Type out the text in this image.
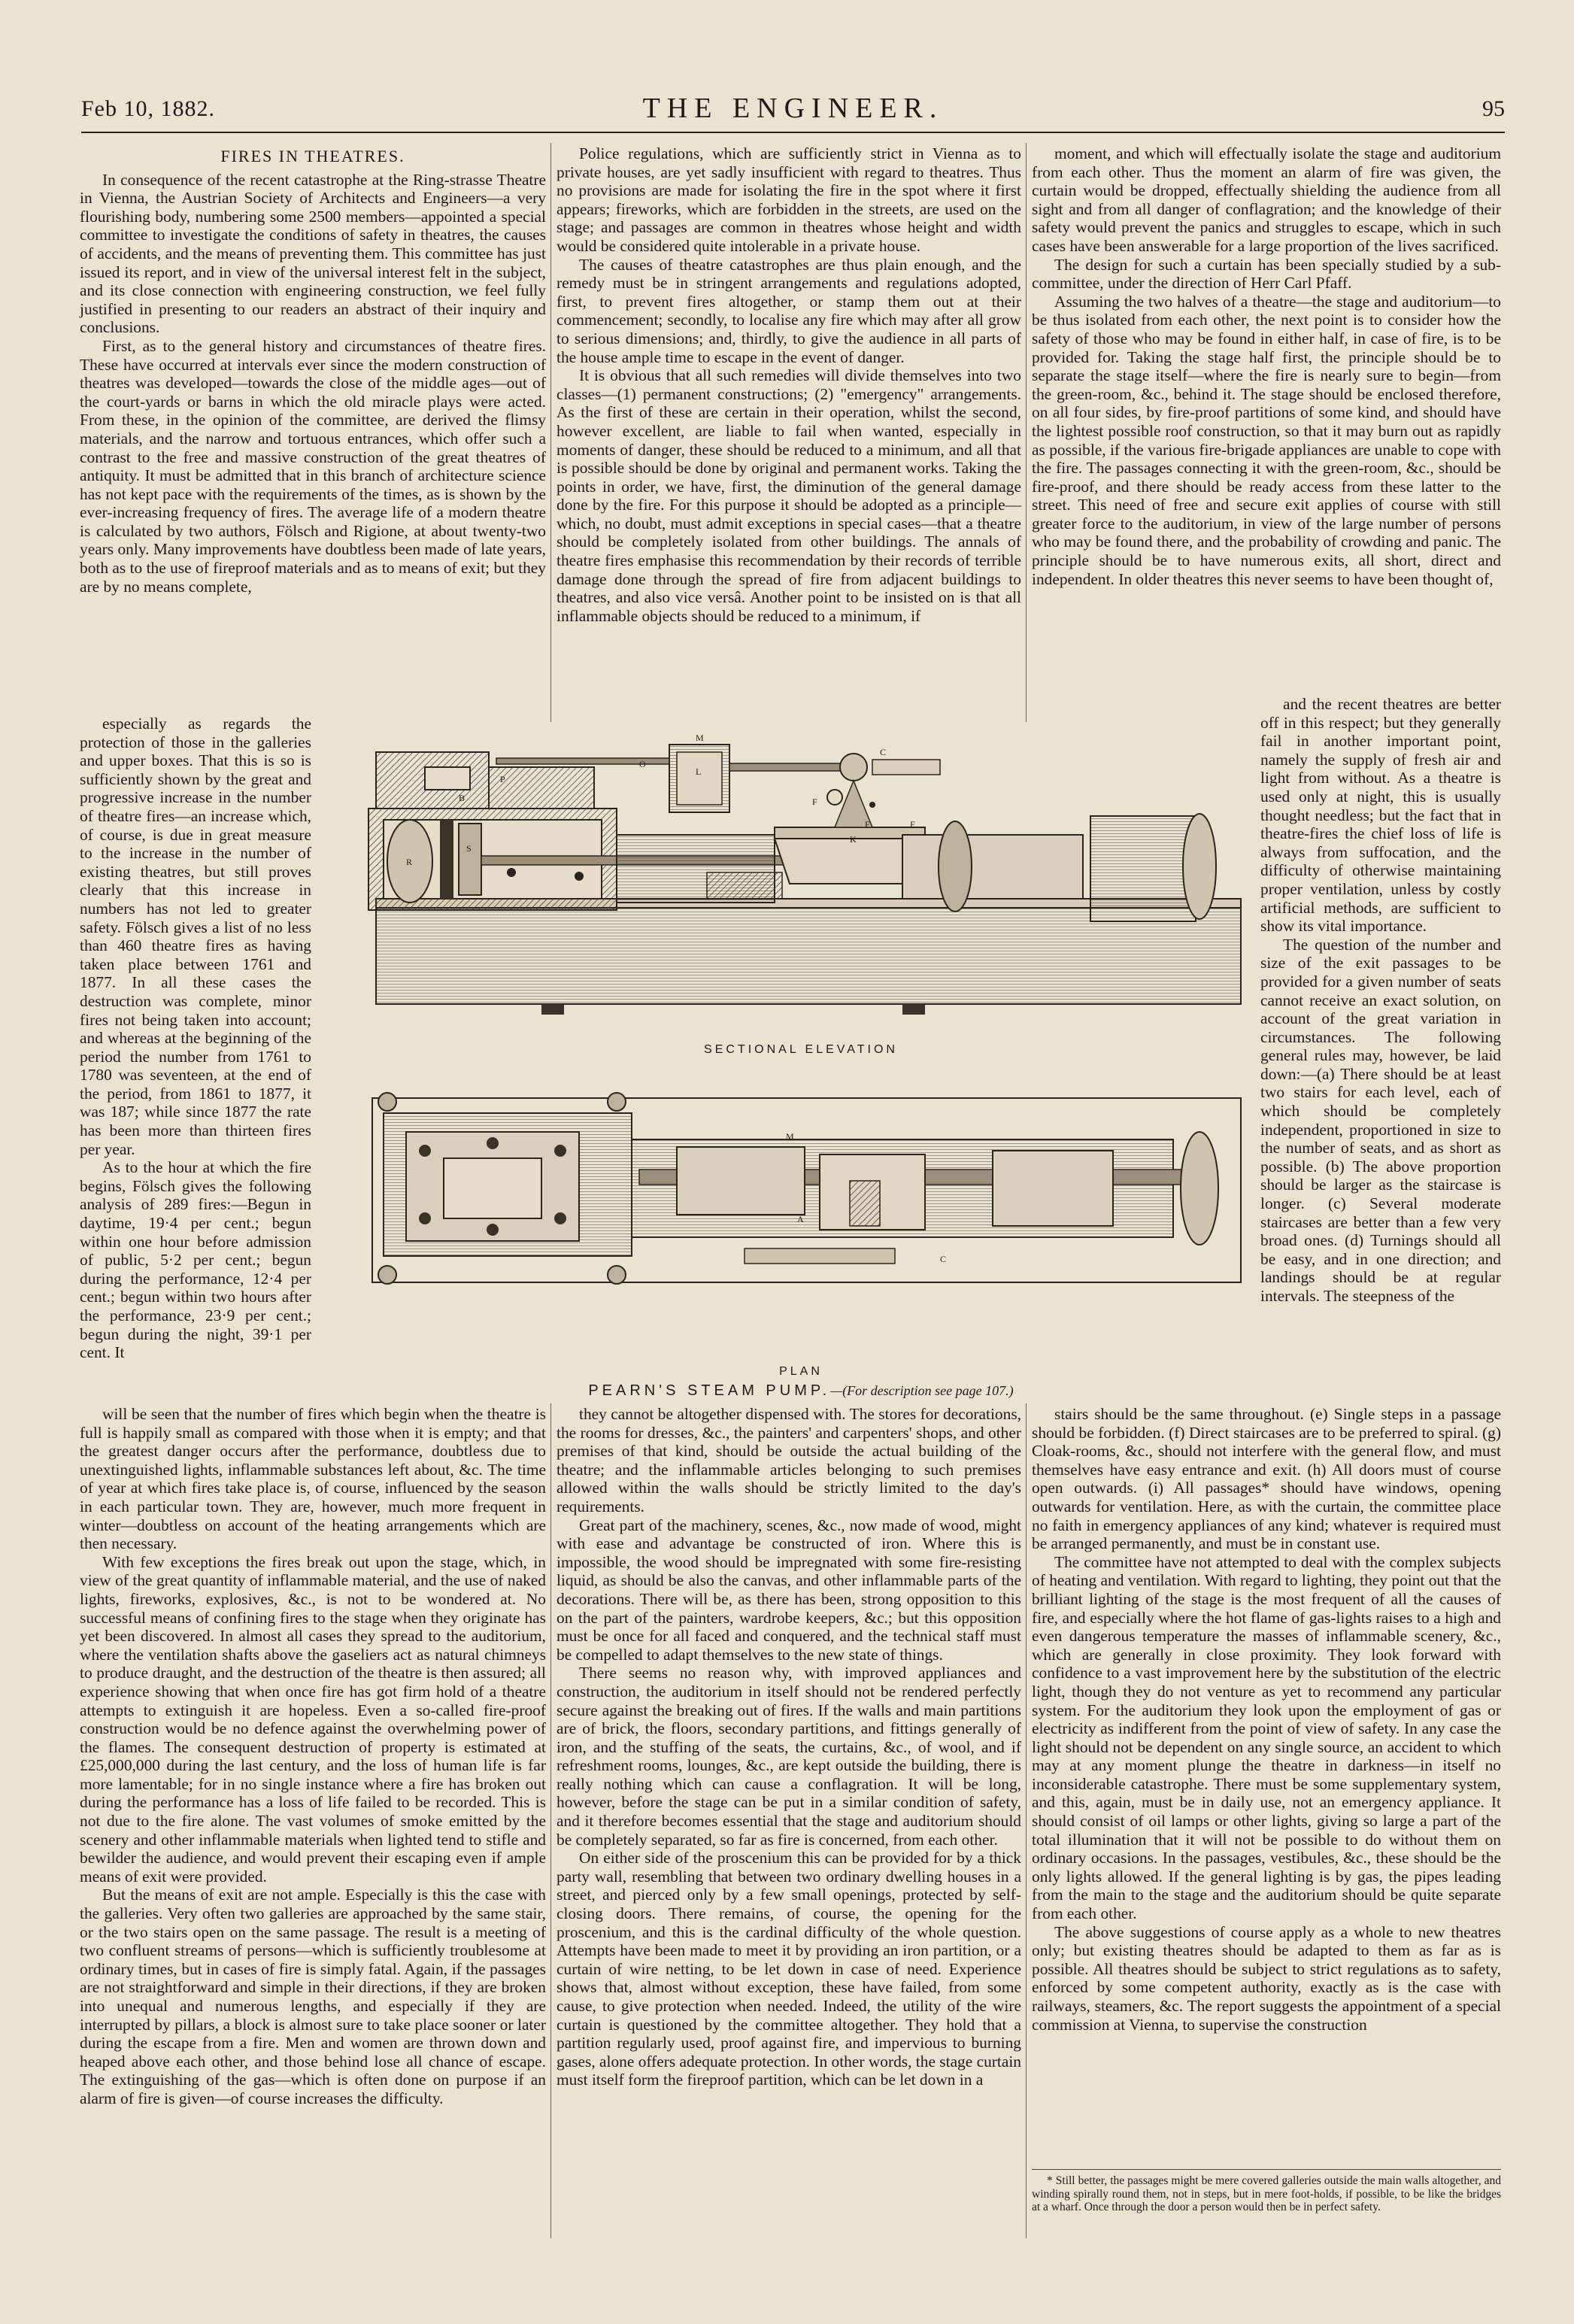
Feb 10, 1882.	THE ENGINEER.	95

FIRES IN THEATRES.

In consequence of the recent catastrophe at the Ring-strasse Theatre in Vienna, the Austrian Society of Architects and Engineers—a very flourishing body, numbering some 2500 members—appointed a special committee to investigate the conditions of safety in theatres, the causes of accidents, and the means of preventing them. This committee has just issued its report, and in view of the universal interest felt in the subject, and its close connection with engineering construction, we feel fully justified in presenting to our readers an abstract of their inquiry and conclusions.

First, as to the general history and circumstances of theatre fires. These have occurred at intervals ever since the modern construction of theatres was developed—towards the close of the middle ages—out of the court-yards or barns in which the old miracle plays were acted. From these, in the opinion of the committee, are derived the flimsy materials, and the narrow and tortuous entrances, which offer such a contrast to the free and massive construction of the great theatres of antiquity. It must be admitted that in this branch of architecture science has not kept pace with the requirements of the times, as is shown by the ever-increasing frequency of fires. The average life of a modern theatre is calculated by two authors, Fölsch and Rigione, at about twenty-two years only. Many improvements have doubtless been made of late years, both as to the use of fireproof materials and as to means of exit; but they are by no means complete,

especially as regards the protection of those in the galleries and upper boxes. That this is so is sufficiently shown by the great and progressive increase in the number of theatre fires—an increase which, of course, is due in great measure to the increase in the number of existing theatres, but still proves clearly that this increase in numbers has not led to greater safety. Fölsch gives a list of no less than 460 theatre fires as having taken place between 1761 and 1877. In all these cases the destruction was complete, minor fires not being taken into account; and whereas at the beginning of the period the number from 1761 to 1780 was seventeen, at the end of the period, from 1861 to 1877, it was 187; while since 1877 the rate has been more than thirteen fires per year.

As to the hour at which the fire begins, Fölsch gives the following analysis of 289 fires:—Begun in daytime, 19·4 per cent.; begun within one hour before admission of public, 5·2 per cent.; begun during the performance, 12·4 per cent.; begun within two hours after the performance, 23·9 per cent.; begun during the night, 39·1 per cent. It

will be seen that the number of fires which begin when the theatre is full is happily small as compared with those when it is empty; and that the greatest danger occurs after the performance, doubtless due to unextinguished lights, inflammable substances left about, &c. The time of year at which fires take place is, of course, influenced by the season in each particular town. They are, however, much more frequent in winter—doubtless on account of the heating arrangements which are then necessary.

With few exceptions the fires break out upon the stage, which, in view of the great quantity of inflammable material, and the use of naked lights, fireworks, explosives, &c., is not to be wondered at. No successful means of confining fires to the stage when they originate has yet been discovered. In almost all cases they spread to the auditorium, where the ventilation shafts above the gaseliers act as natural chimneys to produce draught, and the destruction of the theatre is then assured; all experience showing that when once fire has got firm hold of a theatre attempts to extinguish it are hopeless. Even a so-called fire-proof construction would be no defence against the overwhelming power of the flames. The consequent destruction of property is estimated at £25,000,000 during the last century, and the loss of human life is far more lamentable; for in no single instance where a fire has broken out during the performance has a loss of life failed to be recorded. This is not due to the fire alone. The vast volumes of smoke emitted by the scenery and other inflammable materials when lighted tend to stifle and bewilder the audience, and would prevent their escaping even if ample means of exit were provided.

But the means of exit are not ample. Especially is this the case with the galleries. Very often two galleries are approached by the same stair, or the two stairs open on the same passage. The result is a meeting of two confluent streams of persons—which is sufficiently troublesome at ordinary times, but in cases of fire is simply fatal. Again, if the passages are not straightforward and simple in their directions, if they are broken into unequal and numerous lengths, and especially if they are interrupted by pillars, a block is almost sure to take place sooner or later during the escape from a fire. Men and women are thrown down and heaped above each other, and those behind lose all chance of escape. The extinguishing of the gas—which is often done on purpose if an alarm of fire is given—of course increases the difficulty.

Police regulations, which are sufficiently strict in Vienna as to private houses, are yet sadly insufficient with regard to theatres. Thus no provisions are made for isolating the fire in the spot where it first appears; fireworks, which are forbidden in the streets, are used on the stage; and passages are common in theatres whose height and width would be considered quite intolerable in a private house.

The causes of theatre catastrophes are thus plain enough, and the remedy must be in stringent arrangements and regulations adopted, first, to prevent fires altogether, or stamp them out at their commencement; secondly, to localise any fire which may after all grow to serious dimensions; and, thirdly, to give the audience in all parts of the house ample time to escape in the event of danger.

It is obvious that all such remedies will divide themselves into two classes—(1) permanent constructions; (2) "emergency" arrangements. As the first of these are certain in their operation, whilst the second, however excellent, are liable to fail when wanted, especially in moments of danger, these should be reduced to a minimum, and all that is possible should be done by original and permanent works. Taking the points in order, we have, first, the diminution of the general damage done by the fire. For this purpose it should be adopted as a principle—which, no doubt, must admit exceptions in special cases—that a theatre should be completely isolated from other buildings. The annals of theatre fires emphasise this recommendation by their records of terrible damage done through the spread of fire from adjacent buildings to theatres, and also vice versâ. Another point to be insisted on is that all inflammable objects should be reduced to a minimum, if

they cannot be altogether dispensed with. The stores for decorations, the rooms for dresses, &c., the painters' and carpenters' shops, and other premises of that kind, should be outside the actual building of the theatre; and the inflammable articles belonging to such premises allowed within the walls should be strictly limited to the day's requirements.

Great part of the machinery, scenes, &c., now made of wood, might with ease and advantage be constructed of iron. Where this is impossible, the wood should be impregnated with some fire-resisting liquid, as should be also the canvas, and other inflammable parts of the decorations. There will be, as there has been, strong opposition to this on the part of the painters, wardrobe keepers, &c.; but this opposition must be once for all faced and conquered, and the technical staff must be compelled to adapt themselves to the new state of things.

There seems no reason why, with improved appliances and construction, the auditorium in itself should not be rendered perfectly secure against the breaking out of fires. If the walls and main partitions are of brick, the floors, secondary partitions, and fittings generally of iron, and the stuffing of the seats, the curtains, &c., of wool, and if refreshment rooms, lounges, &c., are kept outside the building, there is really nothing which can cause a conflagration. It will be long, however, before the stage can be put in a similar condition of safety, and it therefore becomes essential that the stage and auditorium should be completely separated, so far as fire is concerned, from each other.

On either side of the proscenium this can be provided for by a thick party wall, resembling that between two ordinary dwelling houses in a street, and pierced only by a few small openings, protected by self-closing doors. There remains, of course, the opening for the proscenium, and this is the cardinal difficulty of the whole question. Attempts have been made to meet it by providing an iron partition, or a curtain of wire netting, to be let down in case of need. Experience shows that, almost without exception, these have failed, from some cause, to give protection when needed. Indeed, the utility of the wire curtain is questioned by the committee altogether. They hold that a partition regularly used, proof against fire, and impervious to burning gases, alone offers adequate protection. In other words, the stage curtain must itself form the fireproof partition, which can be let down in a

moment, and which will effectually isolate the stage and auditorium from each other. Thus the moment an alarm of fire was given, the curtain would be dropped, effectually shielding the audience from all sight and from all danger of conflagration; and the knowledge of their safety would prevent the panics and struggles to escape, which in such cases have been answerable for a large proportion of the lives sacrificed.

The design for such a curtain has been specially studied by a sub-committee, under the direction of Herr Carl Pfaff.

Assuming the two halves of a theatre—the stage and auditorium—to be thus isolated from each other, the next point is to consider how the safety of those who may be found in either half, in case of fire, is to be provided for. Taking the stage half first, the principle should be to separate the stage itself—where the fire is nearly sure to begin—from the green-room, &c., behind it. The stage should be enclosed therefore, on all four sides, by fire-proof partitions of some kind, and should have the lightest possible roof construction, so that it may burn out as rapidly as possible, if the various fire-brigade appliances are unable to cope with the fire. The passages connecting it with the green-room, &c., should be fire-proof, and there should be ready access from these latter to the street. This need of free and secure exit applies of course with still greater force to the auditorium, in view of the large number of persons who may be found there, and the probability of crowding and panic. The principle should be to have numerous exits, all short, direct and independent. In older theatres this never seems to have been thought of,

and the recent theatres are better off in this respect; but they generally fail in another important point, namely the supply of fresh air and light from without. As a theatre is used only at night, this is usually thought needless; but the fact that in theatre-fires the chief loss of life is always from suffocation, and the difficulty of otherwise maintaining proper ventilation, unless by costly artificial methods, are sufficient to show its vital importance.

The question of the number and size of the exit passages to be provided for a given number of seats cannot receive an exact solution, on account of the great variation in circumstances. The following general rules may, however, be laid down:—(a) There should be at least two stairs for each level, each of which should be completely independent, proportioned in size to the number of seats, and as short as possible. (b) The above proportion should be larger as the staircase is longer. (c) Several moderate staircases are better than a few very broad ones. (d) Turnings should all be easy, and in one direction; and landings should be at regular intervals. The steepness of the

stairs should be the same throughout. (e) Single steps in a passage should be forbidden. (f) Direct staircases are to be preferred to spiral. (g) Cloak-rooms, &c., should not interfere with the general flow, and must themselves have easy entrance and exit. (h) All doors must of course open outwards. (i) All passages* should have windows, opening outwards for ventilation. Here, as with the curtain, the committee place no faith in emergency appliances of any kind; whatever is required must be arranged permanently, and must be in constant use.

The committee have not attempted to deal with the complex subjects of heating and ventilation. With regard to lighting, they point out that the brilliant lighting of the stage is the most frequent of all the causes of fire, and especially where the hot flame of gas-lights raises to a high and even dangerous temperature the masses of inflammable scenery, &c., which are generally in close proximity. They look forward with confidence to a vast improvement here by the substitution of the electric light, though they do not venture as yet to recommend any particular system. For the auditorium they look upon the employment of gas or electricity as indifferent from the point of view of safety. In any case the light should not be dependent on any single source, an accident to which may at any moment plunge the theatre in darkness—in itself no inconsiderable catastrophe. There must be some supplementary system, and this, again, must be in daily use, not an emergency appliance. It should consist of oil lamps or other lights, giving so large a part of the total illumination that it will not be possible to do without them on ordinary occasions. In the passages, vestibules, &c., these should be the only lights allowed. If the general lighting is by gas, the pipes leading from the main to the stage and the auditorium should be quite separate from each other.

The above suggestions of course apply as a whole to new theatres only; but existing theatres should be adapted to them as far as is possible. All theatres should be subject to strict regulations as to safety, enforced by some competent authority, exactly as is the case with railways, steamers, &c. The report suggests the appointment of a special commission at Vienna, to supervise the construction

SECTIONAL ELEVATION
M
O
P
L
C
F
F	F
K
R
S
B
M
A
C
PLAN
PEARN'S STEAM PUMP.—(For description see page 107.)

* Still better, the passages might be mere covered galleries outside the main walls altogether, and winding spirally round them, not in steps, but in mere foot-holds, if possible, to be like the bridges at a wharf. Once through the door a person would then be in perfect safety.
